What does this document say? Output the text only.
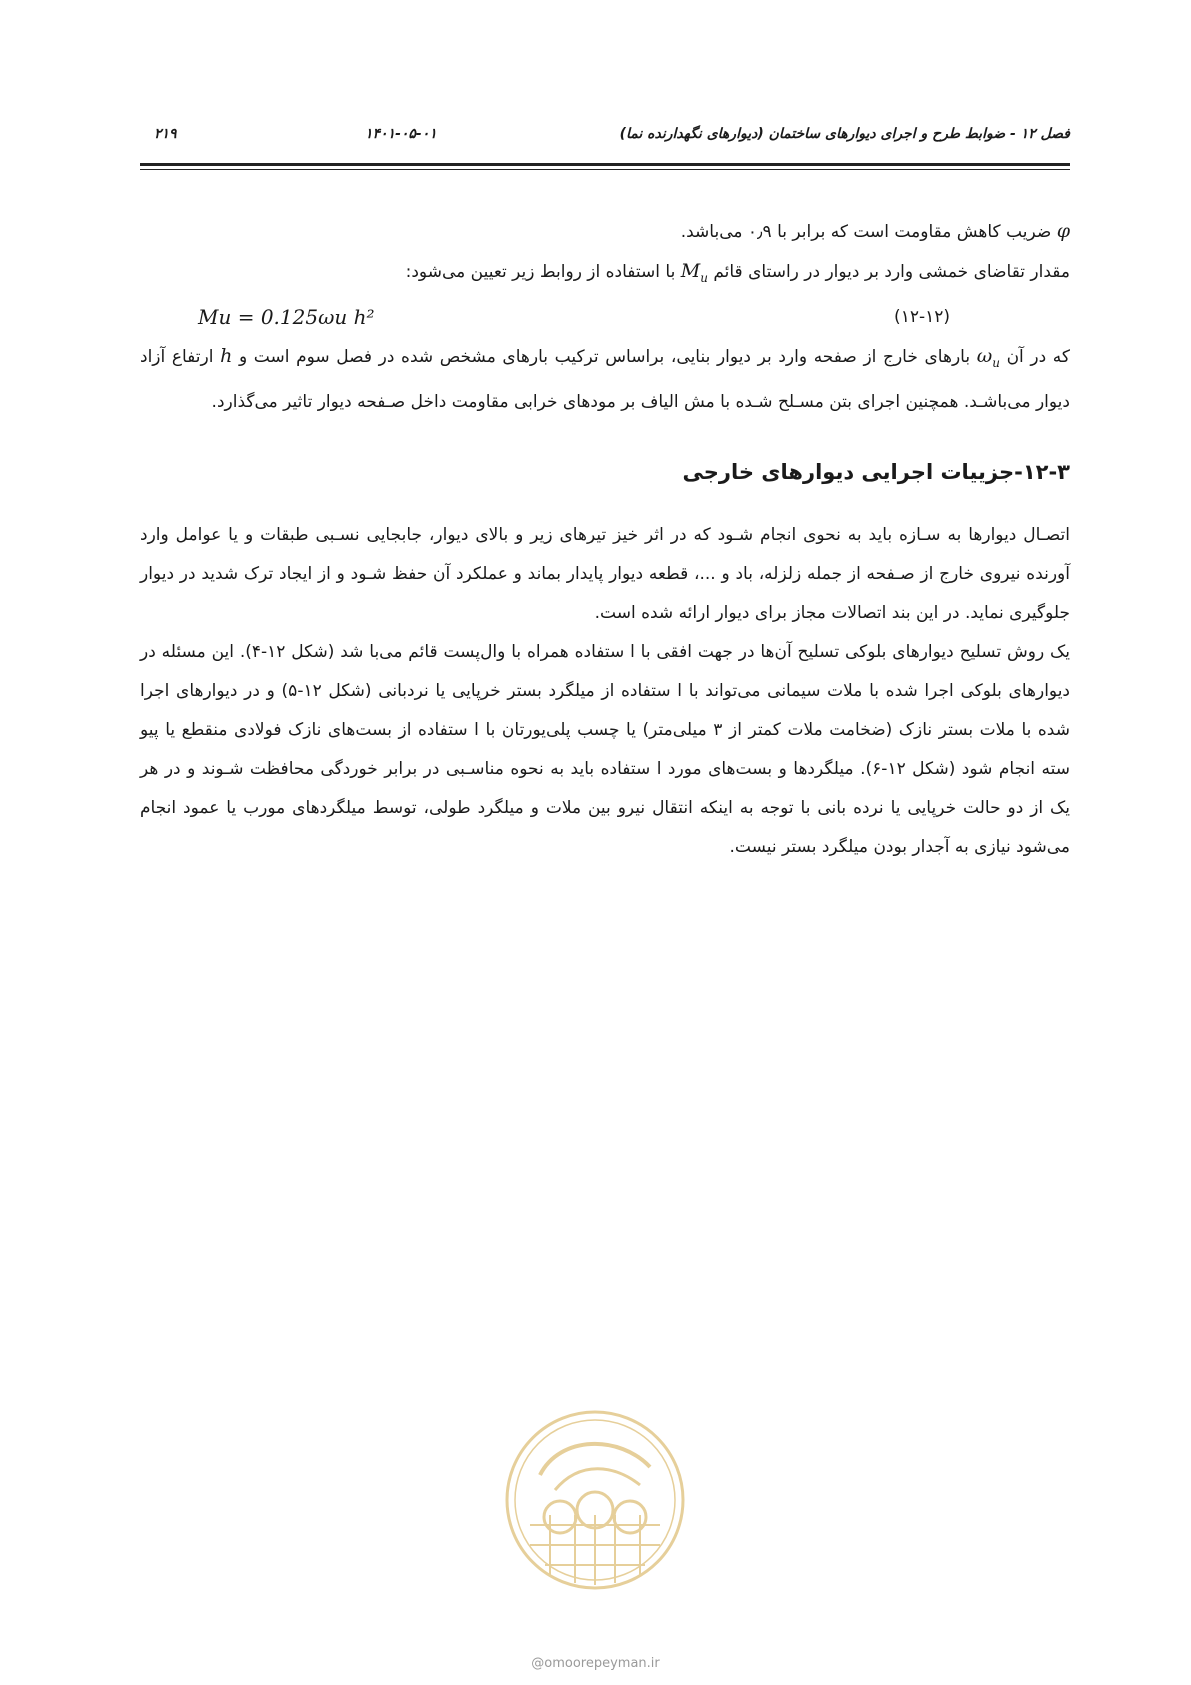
فصل ۱۲ - ضوابط طرح و اجرای دیوارهای ساختمان (دیوارهای نگهدارنده نما)
۱۴۰۱-۰۵-۰۱
۲۱۹

φ ضریب کاهش مقاومت است که برابر با ۰٫۹ می‌باشد.

مقدار تقاضای خمشی وارد بر دیوار در راستای قائم $M_u$ با استفاده از روابط زیر تعیین می‌شود:

Mu = 0.125ωu h²	(۱۲-۱۲)

که در آن $\omega_u$ بارهای خارج از صفحه وارد بر دیوار بنایی، براساس ترکیب بارهای مشخص شده در فصل سوم است و h ارتفاع آزاد دیوار می‌باشـد. همچنین اجرای بتن مسـلح شـده با مش الیاف بر مودهای خرابی مقاومت داخل صـفحه دیوار تاثیر می‌گذارد.

۱۲-۳-جزییات اجرایی دیوارهای خارجی

اتصـال دیوارها به سـازه باید به نحوی انجام شـود که در اثر خیز تیرهای زیر و بالای دیوار، جابجایی نسـبی طبقات و یا عوامل وارد آورنده نیروی خارج از صـفحه از جمله زلزله، باد و ...، قطعه دیوار پایدار بماند و عملکرد آن حفظ شـود و از ایجاد ترک شدید در دیوار جلوگیری نماید. در این بند اتصالات مجاز برای دیوار ارائه شده است.

یک روش تسلیح دیوارهای بلوکی تسلیح آن‌ها در جهت افقی با ا ستفاده همراه با وال‌پست قائم می‌با شد (شکل ۱۲-۴). این مسئله در دیوارهای بلوکی اجرا شده با ملات سیمانی می‌تواند با ا ستفاده از میلگرد بستر خرپایی یا نردبانی (شکل ۱۲-۵) و در دیوارهای اجرا شده با ملات بستر نازک (ضخامت ملات کمتر از ۳ میلی‌متر) یا چسب پلی‌یورتان با ا ستفاده از بست‌های نازک فولادی منقطع یا پیو سته انجام شود (شکل ۱۲-۶). میلگردها و بست‌های مورد ا ستفاده باید به نحوه مناسـبی در برابر خوردگی محافظت شـوند و در هر یک از دو حالت خرپایی یا نرده بانی با توجه به اینکه انتقال نیرو بین ملات و میلگرد طولی، توسط میلگردهای مورب یا عمود انجام می‌شود نیازی به آجدار بودن میلگرد بستر نیست.

@omoorepeyman.ir
